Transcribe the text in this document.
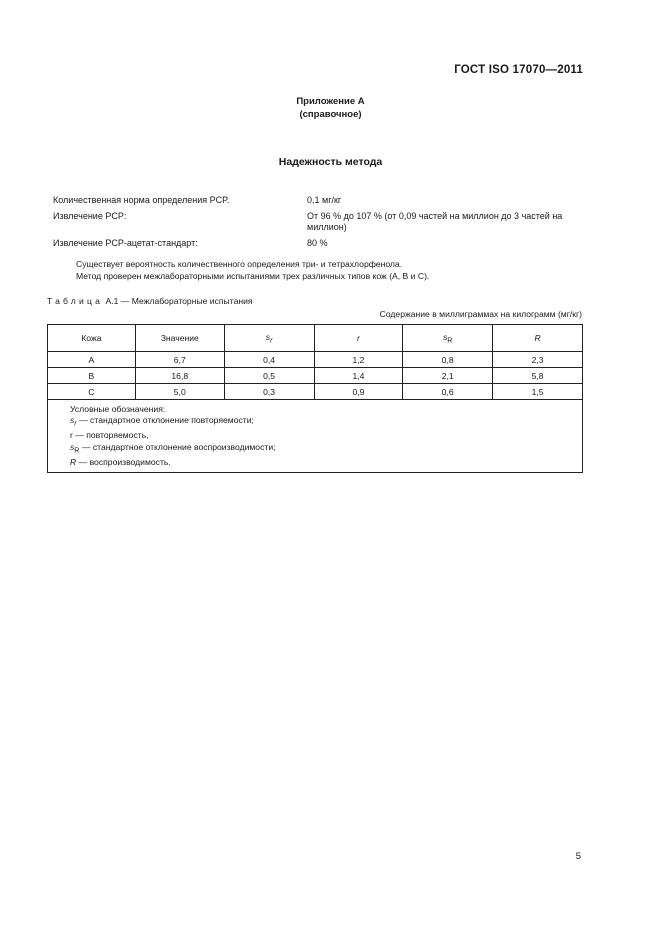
ГОСТ ISO 17070—2011
Приложение А
(справочное)
Надежность метода
Количественная норма определения PCP.	0,1 мг/кг
Извлечение PCP:	От 96 % до 107 % (от 0,09 частей на миллион до 3 частей на миллион)
Извлечение PCP-ацетат-стандарт:	80 %
Существует вероятность количественного определения три- и тетрахлорфенола.
Метод проверен межлабораторными испытаниями трех различных типов кож (А, В и С).
Таблица А.1 — Межлабораторные испытания
Содержание в миллиграммах на килограмм (мг/кг)
Кожа	Значение	$s_r$	r	$s_R$	R
А	6,7	0,4	1,2	0,8	2,3
В	16,8	0,5	1,4	2,1	5,8
С	5,0	0,3	0,9	0,6	1,5

Условные обозначения:
$s_r$ — стандартное отклонение повторяемости;
r — повторяемость,
$s_R$ — стандартное отклонение воспроизводимости;
R — воспроизводимость.					
5
